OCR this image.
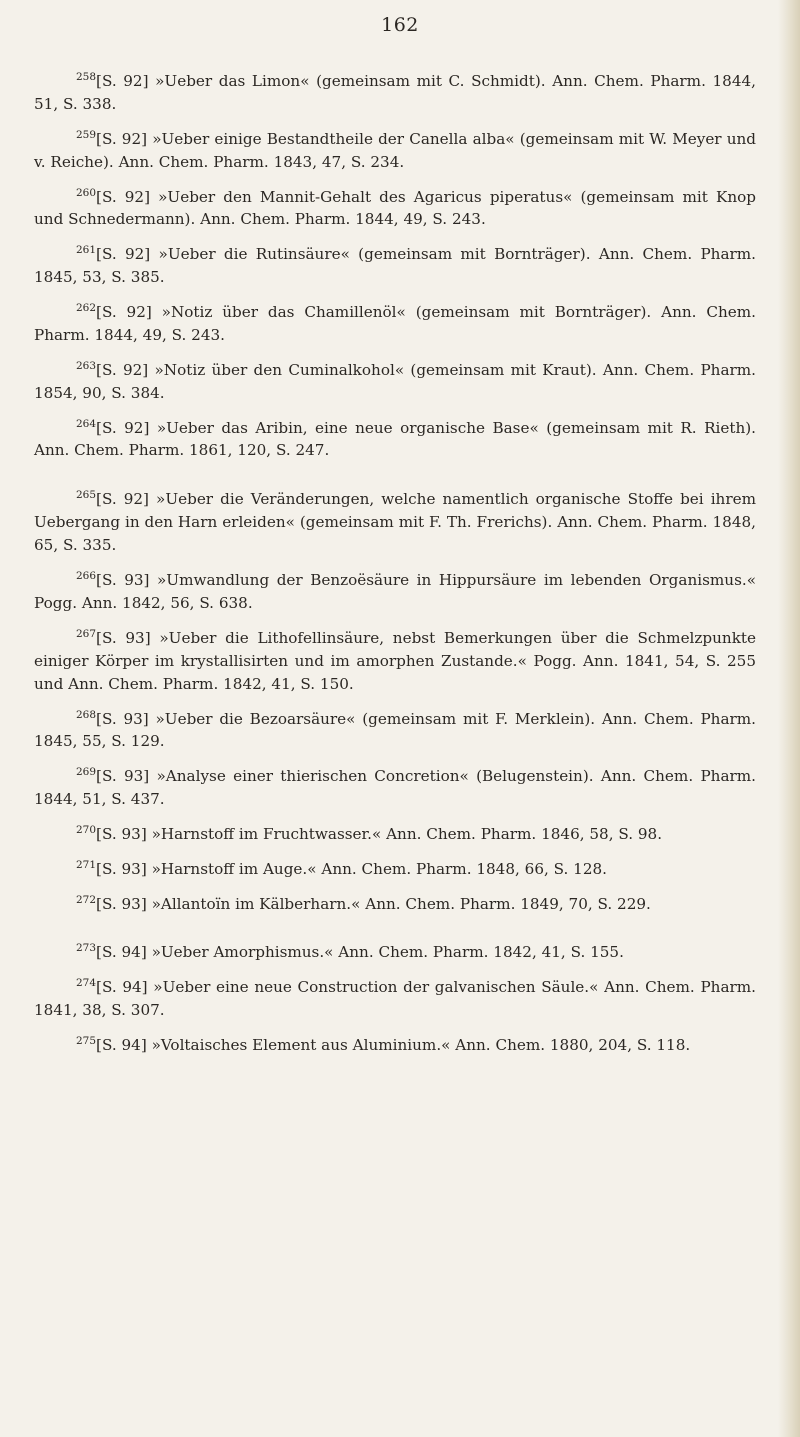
162

$^{258}$[S. 92] »Ueber das Limon« (gemeinsam mit C. Schmidt). Ann. Chem. Pharm. 1844, 51, S. 338.

$^{259}$[S. 92] »Ueber einige Bestandtheile der Canella alba« (gemeinsam mit W. Meyer und v. Reiche). Ann. Chem. Pharm. 1843, 47, S. 234.

$^{260}$[S. 92] »Ueber den Mannit-Gehalt des Agaricus piperatus« (gemeinsam mit Knop und Schnedermann). Ann. Chem. Pharm. 1844, 49, S. 243.

$^{261}$[S. 92] »Ueber die Rutinsäure« (gemeinsam mit Bornträger). Ann. Chem. Pharm. 1845, 53, S. 385.

$^{262}$[S. 92] »Notiz über das Chamillenöl« (gemeinsam mit Bornträger). Ann. Chem. Pharm. 1844, 49, S. 243.

$^{263}$[S. 92] »Notiz über den Cuminalkohol« (gemeinsam mit Kraut). Ann. Chem. Pharm. 1854, 90, S. 384.

$^{264}$[S. 92] »Ueber das Aribin, eine neue organische Base« (gemeinsam mit R. Rieth). Ann. Chem. Pharm. 1861, 120, S. 247.

$^{265}$[S. 92] »Ueber die Veränderungen, welche namentlich organische Stoffe bei ihrem Uebergang in den Harn erleiden« (gemeinsam mit F. Th. Frerichs). Ann. Chem. Pharm. 1848, 65, S. 335.

$^{266}$[S. 93] »Umwandlung der Benzoësäure in Hippursäure im lebenden Organismus.« Pogg. Ann. 1842, 56, S. 638.

$^{267}$[S. 93] »Ueber die Lithofellinsäure, nebst Bemerkungen über die Schmelzpunkte einiger Körper im krystallisirten und im amorphen Zustande.« Pogg. Ann. 1841, 54, S. 255 und Ann. Chem. Pharm. 1842, 41, S. 150.

$^{268}$[S. 93] »Ueber die Bezoarsäure« (gemeinsam mit F. Merklein). Ann. Chem. Pharm. 1845, 55, S. 129.

$^{269}$[S. 93] »Analyse einer thierischen Concretion« (Belugenstein). Ann. Chem. Pharm. 1844, 51, S. 437.

$^{270}$[S. 93] »Harnstoff im Fruchtwasser.« Ann. Chem. Pharm. 1846, 58, S. 98.

$^{271}$[S. 93] »Harnstoff im Auge.« Ann. Chem. Pharm. 1848, 66, S. 128.

$^{272}$[S. 93] »Allantoïn im Kälberharn.« Ann. Chem. Pharm. 1849, 70, S. 229.

$^{273}$[S. 94] »Ueber Amorphismus.« Ann. Chem. Pharm. 1842, 41, S. 155.

$^{274}$[S. 94] »Ueber eine neue Construction der galvanischen Säule.« Ann. Chem. Pharm. 1841, 38, S. 307.

$^{275}$[S. 94] »Voltaisches Element aus Aluminium.« Ann. Chem. 1880, 204, S. 118.
